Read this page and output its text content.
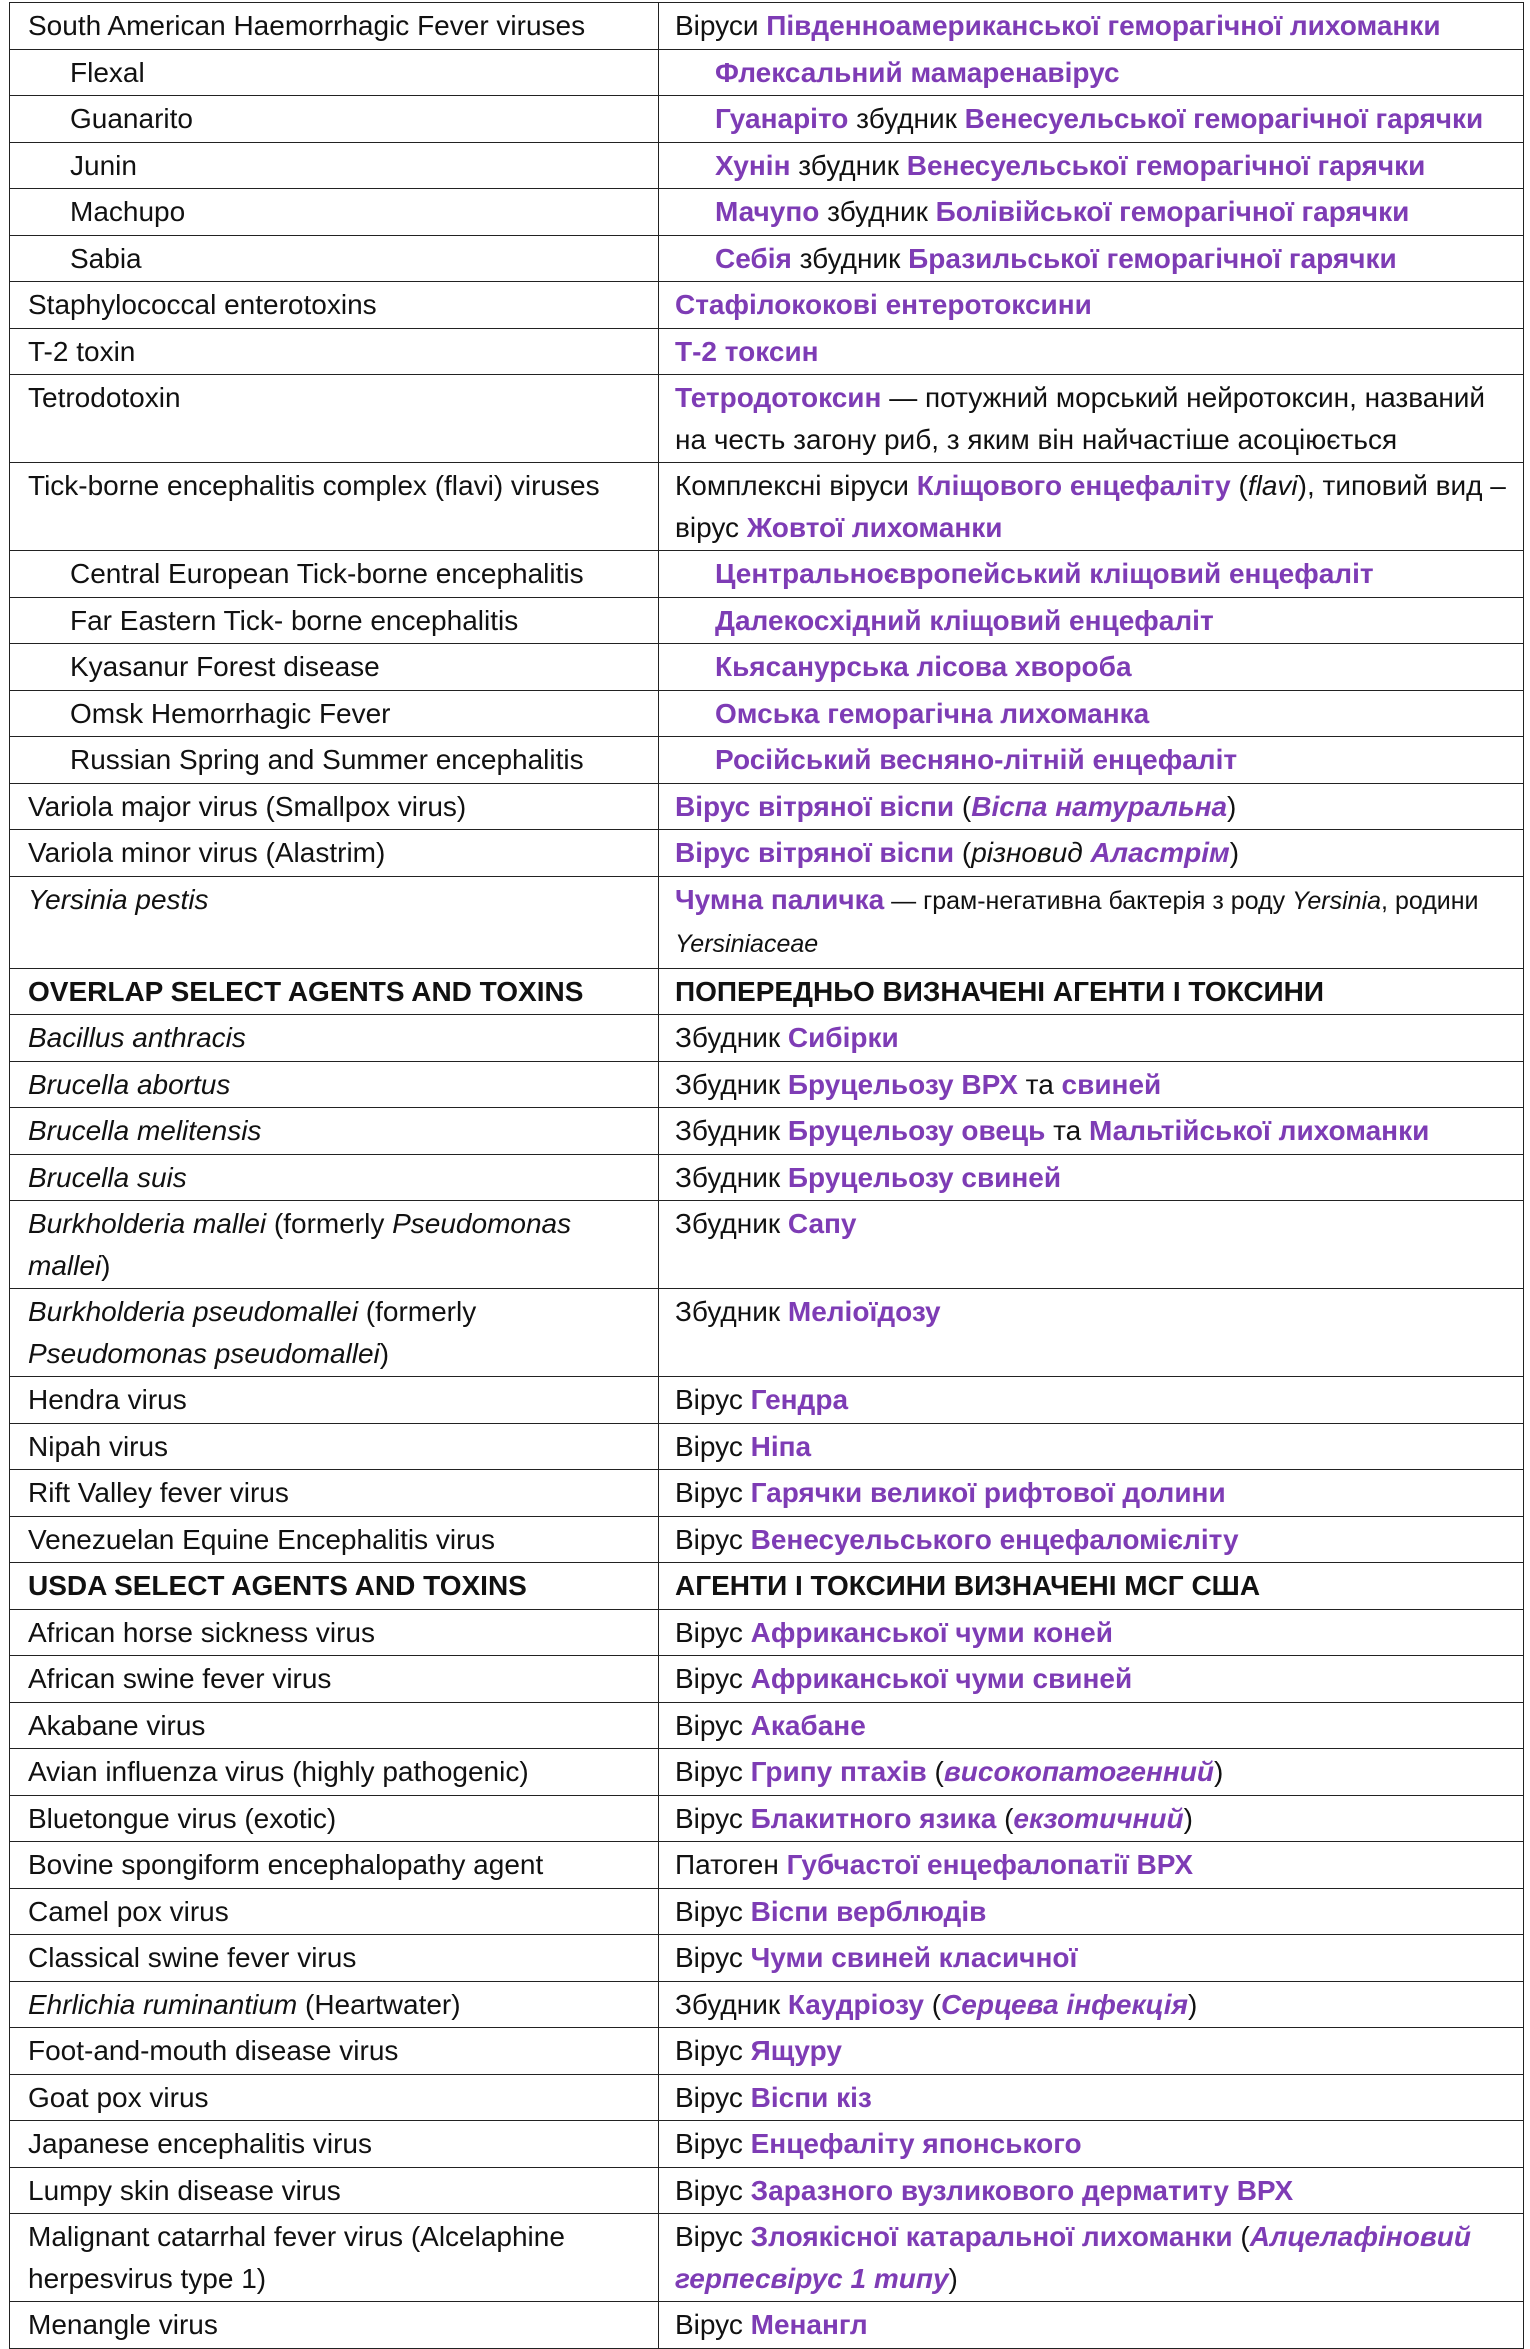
South American Haemorrhagic Fever viruses	Віруси Південноамериканської геморагічної лихоманки
Flexal	Флексальний мамаренавірус
Guanarito	Гуанаріто збудник Венесуельської геморагічної гарячки
Junin	Хунін збудник Венесуельської геморагічної гарячки
Machupo	Мачупо збудник Болівійської геморагічної гарячки
Sabia	Себія збудник Бразильської геморагічної гарячки
Staphylococcal enterotoxins	Стафілококові ентеротоксини
T-2 toxin	Т-2 токсин
Tetrodotoxin	Тетродотоксин — потужний морський нейротоксин, названий на честь загону риб, з яким він найчастіше асоціюється
Tick-borne encephalitis complex (flavi) viruses	Комплексні віруси Кліщового енцефаліту (flavi), типовий вид – вірус Жовтої лихоманки
Central European Tick-borne encephalitis	Центральноєвропейський кліщовий енцефаліт
Far Eastern Tick- borne encephalitis	Далекосхідний кліщовий енцефаліт
Kyasanur Forest disease	Кьясанурська лісова хвороба
Omsk Hemorrhagic Fever	Омська геморагічна лихоманка
Russian Spring and Summer encephalitis	Російський весняно-літній енцефаліт
Variola major virus (Smallpox virus)	Вірус вітряної віспи (Віспа натуральна)
Variola minor virus (Alastrim)	Вірус вітряної віспи (різновид Аластрім)
Yersinia pestis	Чумна паличка — грам-негативна бактерія з роду Yersinia, родини Yersiniaceae
OVERLAP SELECT AGENTS AND TOXINS	ПОПЕРЕДНЬО ВИЗНАЧЕНІ АГЕНТИ І ТОКСИНИ
Bacillus anthracis	Збудник Сибірки
Brucella abortus	Збудник Бруцельозу ВРХ та свиней
Brucella melitensis	Збудник Бруцельозу овець та Мальтійської лихоманки
Brucella suis	Збудник Бруцельозу свиней
Burkholderia mallei (formerly Pseudomonas mallei)	Збудник Сапу
Burkholderia pseudomallei (formerly Pseudomonas pseudomallei)	Збудник Меліоїдозу
Hendra virus	Вірус Гендра
Nipah virus	Вірус Ніпа
Rift Valley fever virus	Вірус Гарячки великої рифтової долини
Venezuelan Equine Encephalitis virus	Вірус Венесуельського енцефаломієліту
USDA SELECT AGENTS AND TOXINS	АГЕНТИ І ТОКСИНИ ВИЗНАЧЕНІ МСГ США
African horse sickness virus	Вірус Африканської чуми коней
African swine fever virus	Вірус Африканської чуми свиней
Akabane virus	Вірус Акабане
Avian influenza virus (highly pathogenic)	Вірус Грипу птахів (високопатогенний)
Bluetongue virus (exotic)	Вірус Блакитного язика (екзотичний)
Bovine spongiform encephalopathy agent	Патоген Губчастої енцефалопатії ВРХ
Camel pox virus	Вірус Віспи верблюдів
Classical swine fever virus	Вірус Чуми свиней класичної
Ehrlichia ruminantium (Heartwater)	Збудник Каудріозу (Серцева інфекція)
Foot-and-mouth disease virus	Вірус Ящуру
Goat pox virus	Вірус Віспи кіз
Japanese encephalitis virus	Вірус Енцефаліту японського
Lumpy skin disease virus	Вірус Заразного вузликового дерматиту ВРХ
Malignant catarrhal fever virus (Alcelaphine herpesvirus type 1)	Вірус Злоякісної катаральної лихоманки (Алцелафіновий герпесвірус 1 типу)
Menangle virus	Вірус Менангл
